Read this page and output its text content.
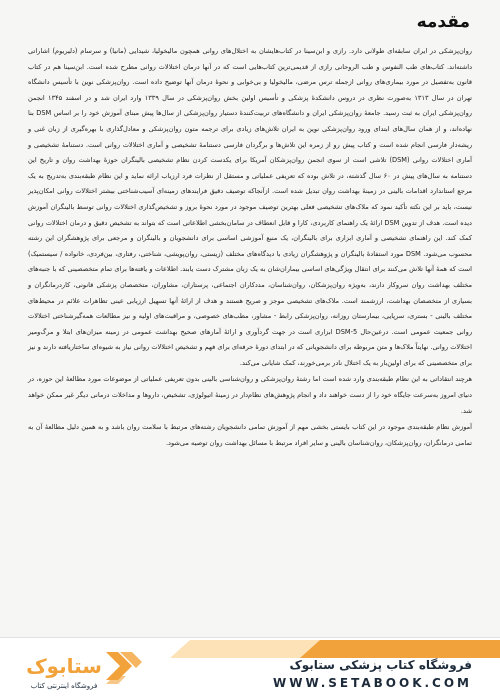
مقدمه

روان‌پزشکی در ایران سابقه‌ای طولانی دارد. رازی و ابن‌سینا در کتاب‌هایشان به اختلال‌های روانی همچون مالیخولیا، شیدایی (مانیا) و سرسام (دلیریوم) اشاراتی داشته‌اند. کتاب‌های طب النفوس و طب الروحانی رازی از قدیمی‌ترین کتاب‌هایی است که در آنها درمان اختلالات روانی مطرح شده است. ابن‌سینا هم در کتاب قانون به‌تفصیل در مورد بیماری‌های روانی ازجمله ترس مرضی، مالیخولیا و بی‌خوابی و نحوهٔ درمان آنها توضیح داده است. روان‌پزشکی نوین با تأسیس دانشگاه تهران در سال ۱۳۱۳ به‌صورت نظری در دروس دانشکدهٔ پزشکی و تأسیس اولین بخش روان‌پزشکی در سال ۱۳۳۹ وارد ایران شد و در اسفند ۱۳۴۵ انجمن روان‌پزشکی ایران به ثبت رسید. جامعهٔ روان‌پزشکی ایران و دانشگاه‌های تربیت‌کنندهٔ دستیار روان‌پزشکی از سال‌ها پیش مبنای آموزش خود را بر اساس DSM بنا نهاده‌اند، و از همان سال‌های ابتدای ورود روان‌پزشکی نوین به ایران تلاش‌های زیادی برای ترجمه متون روان‌پزشکی و معادل‌گذاری با بهره‌گیری از زبان غنی و ریشه‌دار فارسی انجام شده است و کتاب پیش رو از زمره این تلاش‌ها و برگردان فارسی دستنامهٔ تشخیصی و آماری اختلالات روانی است. دستنامهٔ تشخیصی و آماری اختلالات روانی (DSM) تلاشی است از سوی انجمن روان‌پزشکان آمریکا برای یکدست کردن نظام تشخیصی بالینگران حوزهٔ بهداشت روان و تاریخ این دستنامه به سال‌های پیش در ۶۰ سال گذشته، در تلاش بوده که تعریفی عملیاتی و مستقل از نظرات فرد ارزیاب ارائه نماید و این نظام طبقه‌بندی به‌تدریج به یک مرجع استاندارد اقدامات بالینی در زمینهٔ بهداشت روان تبدیل شده است. ازآنجاکه توصیف دقیق فرایندهای زمینه‌ای آسیب‌شناختی بیشتر اختلالات روانی امکان‌پذیر نیست، باید بر این نکته تأکید نمود که ملاک‌های تشخیصی فعلی بهترین توصیف موجود در مورد نحوهٔ بروز و تشخیص‌گذاری اختلالات روانی توسط بالینگران آموزش دیده است. هدف از تدوین DSM ارائهٔ یک راهنمای کاربردی، کارا و قابل انعطاف در سامان‌بخشی اطلاعاتی است که بتواند به تشخیص دقیق و درمان اختلالات روانی کمک کند. این راهنمای تشخیصی و آماری ابزاری برای بالینگران، یک منبع آموزشی اساسی برای دانشجویان و بالینگران و مرجعی برای پژوهشگران این رشته محسوب می‌شود. DSM مورد استفادهٔ بالینگران و پژوهشگران زیادی با دیدگاه‌های مختلف (زیستی، روان‌پویشی، شناختی، رفتاری، بین‌فردی، خانواده / سیستمیک) است که همهٔ آنها تلاش می‌کنند برای انتقال ویژگی‌های اساسی بیماران‌شان به یک زبان مشترک دست یابند. اطلاعات و یافته‌ها برای تمام متخصصینی که با جنبه‌های مختلف بهداشت روان سروکار دارند، به‌ویژه روان‌پزشکان، روان‌شناسان، مددکاران اجتماعی، پرستاران، مشاوران، متخصصان پزشکی قانونی، کاردرمانگران و بسیاری از متخصصان بهداشت، ارزشمند است. ملاک‌های تشخیصی موجز و صریح هستند و هدف از ارائهٔ آنها تسهیل ارزیابی عینی تظاهرات علائم در محیط‌های مختلف بالینی - بستری، سرپایی، بیمارستان روزانه، روان‌پزشکی رابط - مشاور، مطب‌های خصوصی، و مراقبت‌های اولیه و نیز مطالعات همه‌گیرشناختی اختلالات روانی جمعیت عمومی است. درعین‌حال DSM-5 ابزاری است در جهت گردآوری و ارائهٔ آمارهای صحیح بهداشت عمومی در زمینه میزان‌های ابتلا و مرگ‌ومیر اختلالات روانی. نهایتاً ملاک‌ها و متن مربوطه برای دانشجویانی که در ابتدای دورهٔ حرفه‌ای برای فهم و تشخیص اختلالات روانی نیاز به شیوه‌ای ساختاریافته دارند و نیز برای متخصصینی که برای اولین‌بار به یک اختلال نادر برمی‌خورند، کمک شایانی می‌کند.

هرچند انتقاداتی به این نظام طبقه‌بندی وارد شده است اما رشتهٔ روان‌پزشکی و روان‌شناسی بالینی بدون تعریفی عملیاتی از موضوعات مورد مطالعهٔ این حوزه، در دنیای امروز به‌سرعت جایگاه خود را از دست خواهند داد و انجام پژوهش‌های نظام‌دار در زمینهٔ اتیولوژی، تشخیص، داروها و مداخلات درمانی دیگر غیر ممکن خواهد شد.

آموزش نظام طبقه‌بندی موجود در این کتاب بایستی بخشی مهم از آموزش تمامی دانشجویان رشته‌های مرتبط با سلامت روان باشد و به همین دلیل مطالعهٔ آن به تمامی درمانگران، روان‌پزشکان، روان‌شناسان بالینی و سایر افراد مرتبط با مسائل بهداشت روان توصیه می‌شود.

فروشگاه کتاب پزشکی ستابوک
WWW.SETABOOK.COM
ستابوک
فروشگاه اینترنتی کتاب
